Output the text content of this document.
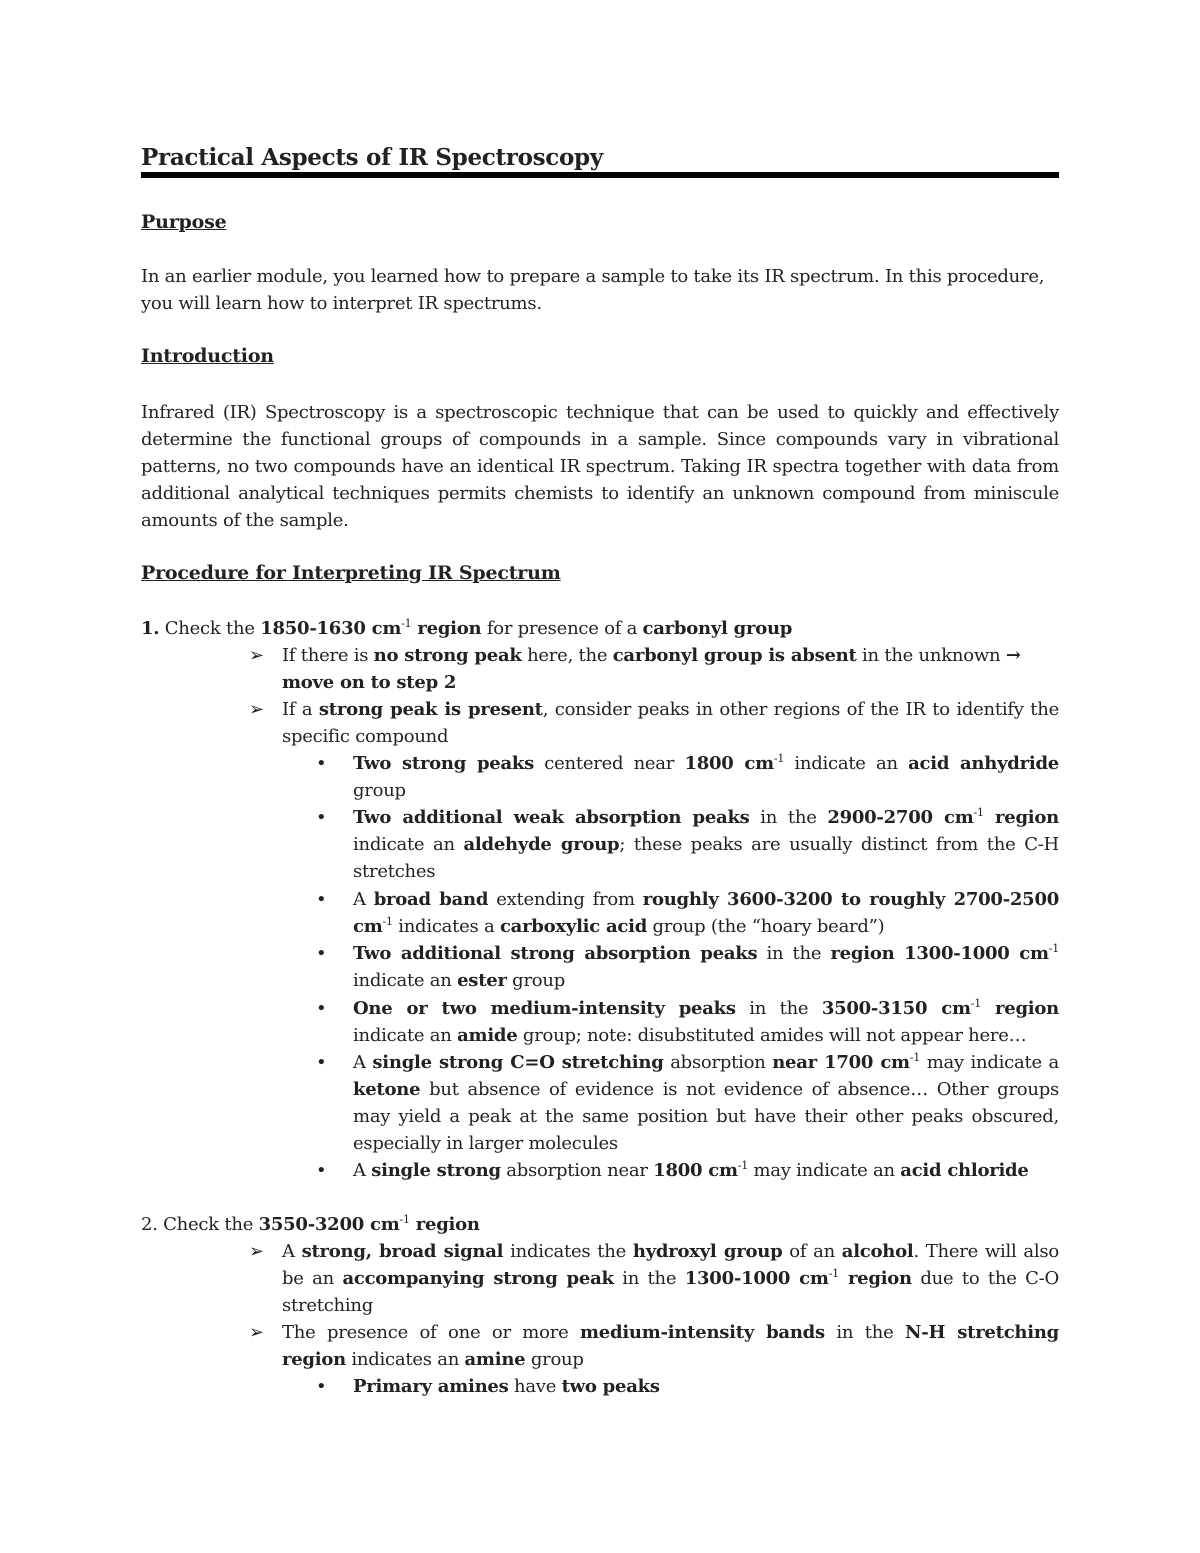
Practical Aspects of IR Spectroscopy
Purpose
In an earlier module, you learned how to prepare a sample to take its IR spectrum. In this procedure, you will learn how to interpret IR spectrums.
Introduction
Infrared (IR) Spectroscopy is a spectroscopic technique that can be used to quickly and effectively determine the functional groups of compounds in a sample. Since compounds vary in vibrational patterns, no two compounds have an identical IR spectrum. Taking IR spectra together with data from additional analytical techniques permits chemists to identify an unknown compound from miniscule amounts of the sample.
Procedure for Interpreting IR Spectrum
1. Check the 1850-1630 $cm^{-1}$ region for presence of a carbonyl group
➢ If there is no strong peak here, the carbonyl group is absent in the unknown →
move on to step 2
➢ If a strong peak is present, consider peaks in other regions of the IR to identify the specific compound
• Two strong peaks centered near 1800 $cm^{-1}$ indicate an acid anhydride group
• Two additional weak absorption peaks in the 2900-2700 $cm^{-1}$ region indicate an aldehyde group; these peaks are usually distinct from the C-H stretches
• A broad band extending from roughly 3600-3200 to roughly 2700-2500 $cm^{-1}$ indicates a carboxylic acid group (the “hoary beard”)
• Two additional strong absorption peaks in the region 1300-1000 $cm^{-1}$ indicate an ester group
• One or two medium-intensity peaks in the 3500-3150 $cm^{-1}$ region indicate an amide group; note: disubstituted amides will not appear here…
• A single strong C=O stretching absorption near 1700 $cm^{-1}$ may indicate a ketone but absence of evidence is not evidence of absence… Other groups may yield a peak at the same position but have their other peaks obscured, especially in larger molecules
• A single strong absorption near 1800 $cm^{-1}$ may indicate an acid chloride
2. Check the 3550-3200 $cm^{-1}$ region
➢ A strong, broad signal indicates the hydroxyl group of an alcohol. There will also be an accompanying strong peak in the 1300-1000 $cm^{-1}$ region due to the C-O stretching
➢ The presence of one or more medium-intensity bands in the N-H stretching region indicates an amine group
• Primary amines have two peaks
